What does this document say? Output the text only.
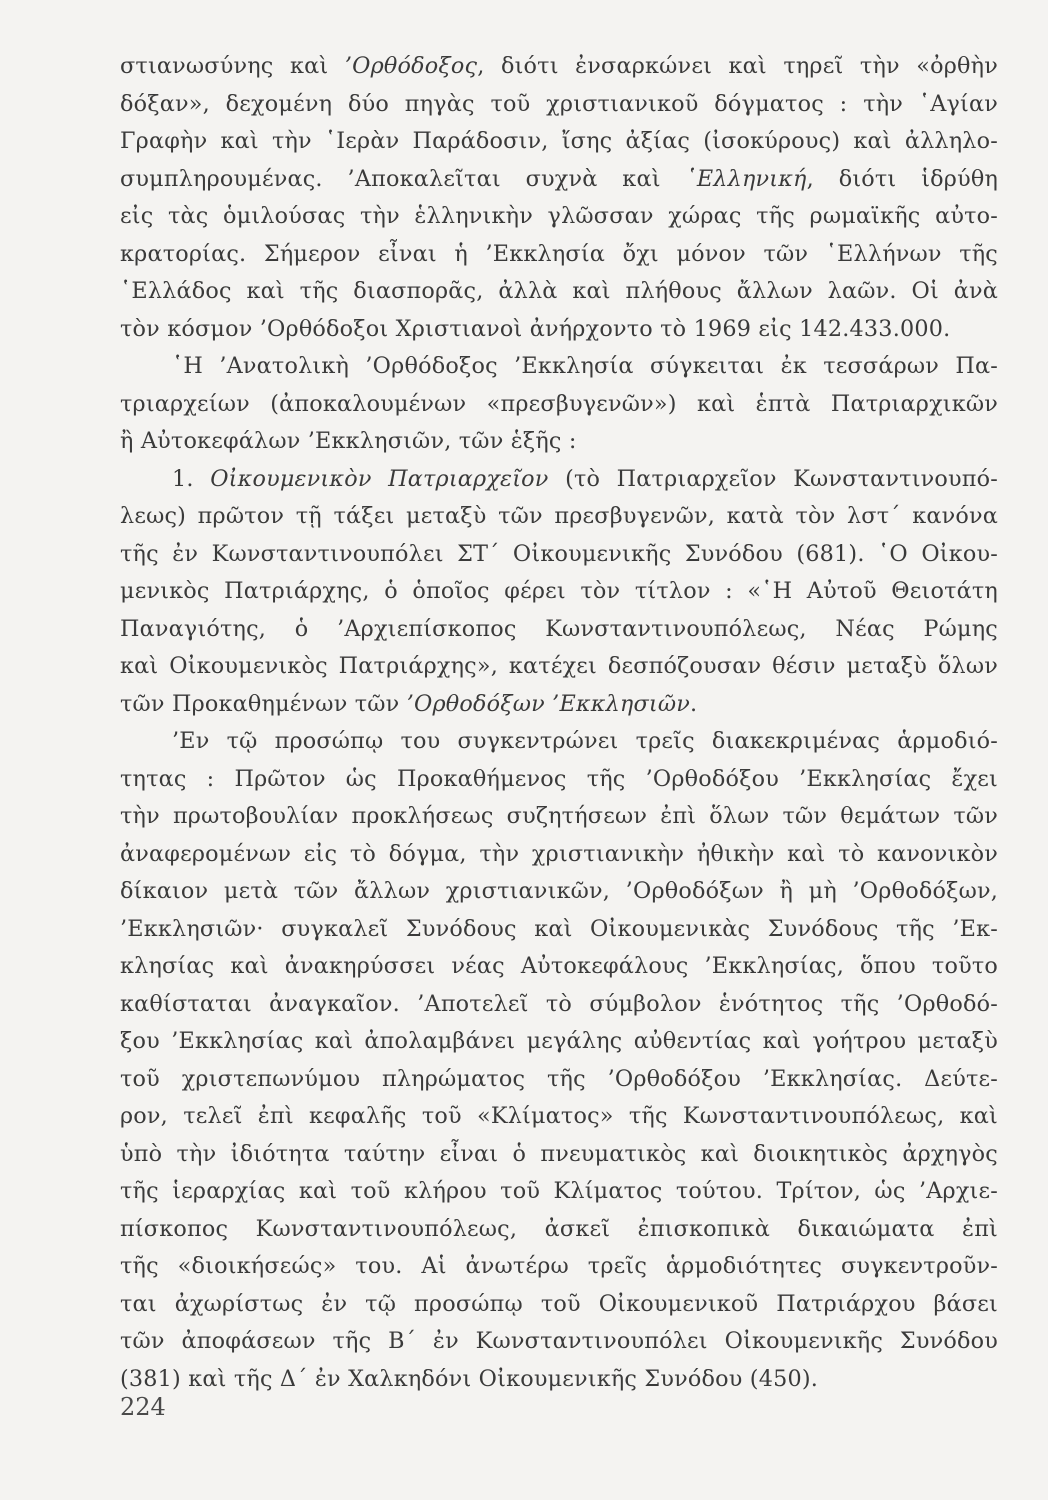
στιανωσύνης καὶ ’Ορθόδοξος, διότι ἐνσαρκώνει καὶ τηρεῖ τὴν «ὀρθὴν
δόξαν», δεχομένη δύο πηγὰς τοῦ χριστιανικοῦ δόγματος : τὴν ῾Αγίαν
Γραφὴν καὶ τὴν ῾Ιερὰν Παράδοσιν, ἴσης ἀξίας (ἰσοκύρους) καὶ ἀλληλο-
συμπληρουμένας. ’Αποκαλεῖται συχνὰ καὶ ῾Ελληνική, διότι ἱδρύθη
εἰς τὰς ὁμιλούσας τὴν ἑλληνικὴν γλῶσσαν χώρας τῆς ρωμαϊκῆς αὐτο-
κρατορίας. Σήμερον εἶναι ἡ ’Εκκλησία ὄχι μόνον τῶν ῾Ελλήνων τῆς
῾Ελλάδος καὶ τῆς διασπορᾶς, ἀλλὰ καὶ πλήθους ἄλλων λαῶν. Οἱ ἀνὰ
τὸν κόσμον ’Ορθόδοξοι Χριστιανοὶ ἀνήρχοντο τὸ 1969 εἰς 142.433.000.
῾Η ’Ανατολικὴ ’Ορθόδοξος ’Εκκλησία σύγκειται ἐκ τεσσάρων Πα-
τριαρχείων (ἀποκαλουμένων «πρεσβυγενῶν») καὶ ἑπτὰ Πατριαρχικῶν
ἢ Αὐτοκεφάλων ’Εκκλησιῶν, τῶν ἑξῆς :
1. Οἰκουμενικὸν Πατριαρχεῖον (τὸ Πατριαρχεῖον Κωνσταντινουπό-
λεως) πρῶτον τῇ τάξει μεταξὺ τῶν πρεσβυγενῶν, κατὰ τὸν λστ΄ κανόνα
τῆς ἐν Κωνσταντινουπόλει ΣΤ΄ Οἰκουμενικῆς Συνόδου (681). ῾Ο Οἰκου-
μενικὸς Πατριάρχης, ὁ ὁποῖος φέρει τὸν τίτλον : «῾Η Αὐτοῦ Θειοτάτη
Παναγιότης, ὁ ’Αρχιεπίσκοπος Κωνσταντινουπόλεως, Νέας Ρώμης
καὶ Οἰκουμενικὸς Πατριάρχης», κατέχει δεσπόζουσαν θέσιν μεταξὺ ὅλων
τῶν Προκαθημένων τῶν ’Ορθοδόξων ’Εκκλησιῶν.
’Εν τῷ προσώπῳ του συγκεντρώνει τρεῖς διακεκριμένας ἁρμοδιό-
τητας : Πρῶτον ὡς Προκαθήμενος τῆς ’Ορθοδόξου ’Εκκλησίας ἔχει
τὴν πρωτοβουλίαν προκλήσεως συζητήσεων ἐπὶ ὅλων τῶν θεμάτων τῶν
ἀναφερομένων εἰς τὸ δόγμα, τὴν χριστιανικὴν ἠθικὴν καὶ τὸ κανονικὸν
δίκαιον μετὰ τῶν ἄλλων χριστιανικῶν, ’Ορθοδόξων ἢ μὴ ’Ορθοδόξων,
’Εκκλησιῶν· συγκαλεῖ Συνόδους καὶ Οἰκουμενικὰς Συνόδους τῆς ’Εκ-
κλησίας καὶ ἀνακηρύσσει νέας Αὐτοκεφάλους ’Εκκλησίας, ὅπου τοῦτο
καθίσταται ἀναγκαῖον. ’Αποτελεῖ τὸ σύμβολον ἑνότητος τῆς ’Ορθοδό-
ξου ’Εκκλησίας καὶ ἀπολαμβάνει μεγάλης αὐθεντίας καὶ γοήτρου μεταξὺ
τοῦ χριστεπωνύμου πληρώματος τῆς ’Ορθοδόξου ’Εκκλησίας. Δεύτε-
ρον, τελεῖ ἐπὶ κεφαλῆς τοῦ «Κλίματος» τῆς Κωνσταντινουπόλεως, καὶ
ὑπὸ τὴν ἰδιότητα ταύτην εἶναι ὁ πνευματικὸς καὶ διοικητικὸς ἀρχηγὸς
τῆς ἱεραρχίας καὶ τοῦ κλήρου τοῦ Κλίματος τούτου. Τρίτον, ὡς ’Αρχιε-
πίσκοπος Κωνσταντινουπόλεως, ἀσκεῖ ἐπισκοπικὰ δικαιώματα ἐπὶ
τῆς «διοικήσεώς» του. Αἱ ἀνωτέρω τρεῖς ἁρμοδιότητες συγκεντροῦν-
ται ἀχωρίστως ἐν τῷ προσώπῳ τοῦ Οἰκουμενικοῦ Πατριάρχου βάσει
τῶν ἀποφάσεων τῆς Β΄ ἐν Κωνσταντινουπόλει Οἰκουμενικῆς Συνόδου
(381) καὶ τῆς Δ΄ ἐν Χαλκηδόνι Οἰκουμενικῆς Συνόδου (450).
224
